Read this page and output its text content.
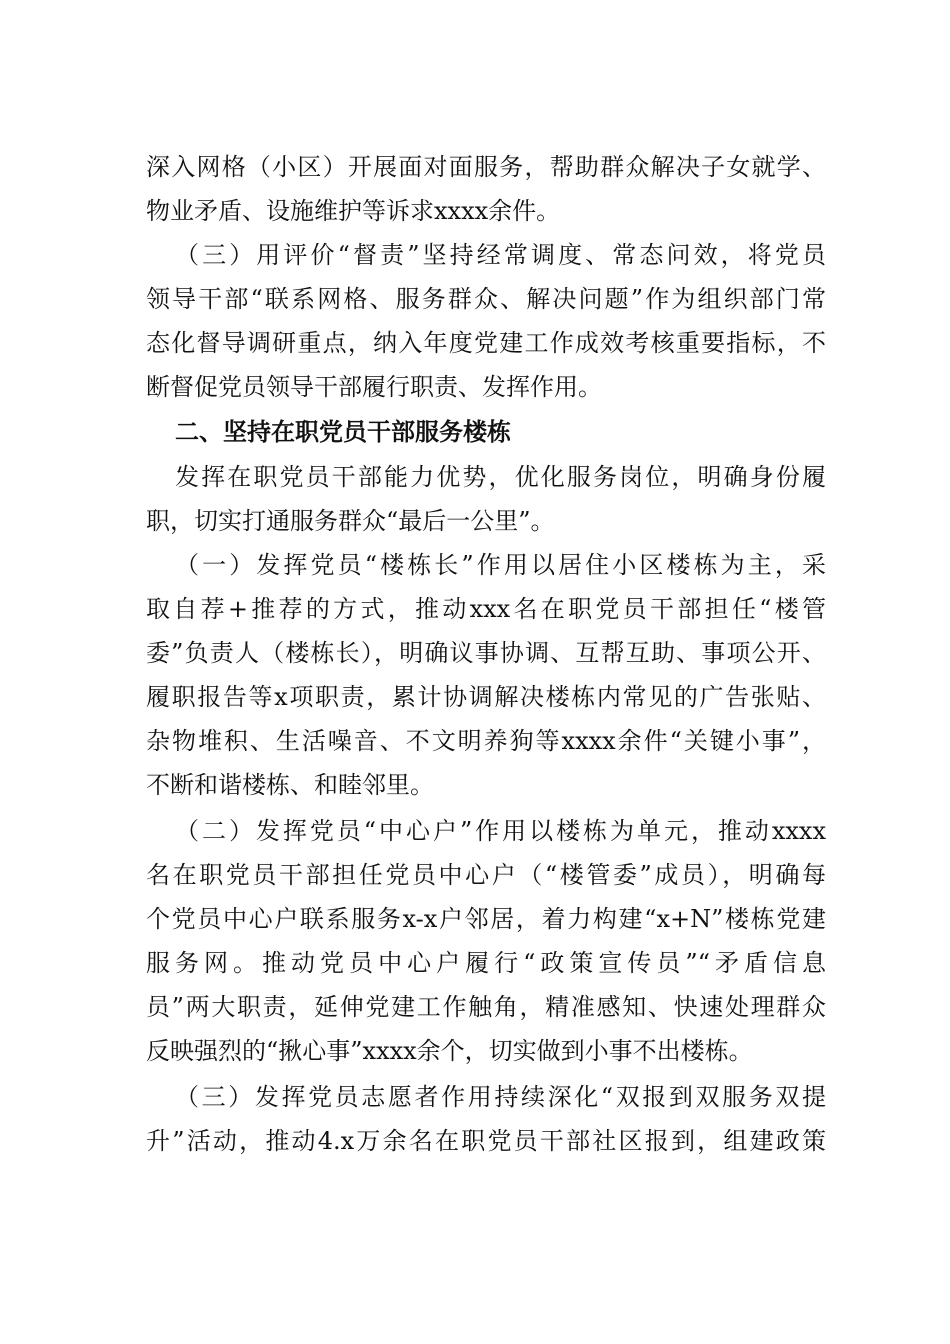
深入网格（小区）开展面对面服务，帮助群众解决子女就学、
物业矛盾、设施维护等诉求xxxx余件。
（三）用评价“督责”坚持经常调度、常态问效，将党员
领导干部“联系网格、服务群众、解决问题”作为组织部门常
态化督导调研重点，纳入年度党建工作成效考核重要指标，不
断督促党员领导干部履行职责、发挥作用。
二、坚持在职党员干部服务楼栋
发挥在职党员干部能力优势，优化服务岗位，明确身份履
职，切实打通服务群众“最后一公里”。
（一）发挥党员“楼栋长”作用以居住小区楼栋为主，采
取自荐+推荐的方式，推动xxx名在职党员干部担任“楼管
委”负责人（楼栋长），明确议事协调、互帮互助、事项公开、
履职报告等x项职责，累计协调解决楼栋内常见的广告张贴、
杂物堆积、生活噪音、不文明养狗等xxxx余件“关键小事”，
不断和谐楼栋、和睦邻里。
（二）发挥党员“中心户”作用以楼栋为单元，推动xxxx
名在职党员干部担任党员中心户（“楼管委”成员），明确每
个党员中心户联系服务x-x户邻居，着力构建“x+N”楼栋党建
服务网。推动党员中心户履行“政策宣传员”“矛盾信息
员”两大职责，延伸党建工作触角，精准感知、快速处理群众
反映强烈的“揪心事”xxxx余个，切实做到小事不出楼栋。
（三）发挥党员志愿者作用持续深化“双报到双服务双提
升”活动，推动4.x万余名在职党员干部社区报到，组建政策
